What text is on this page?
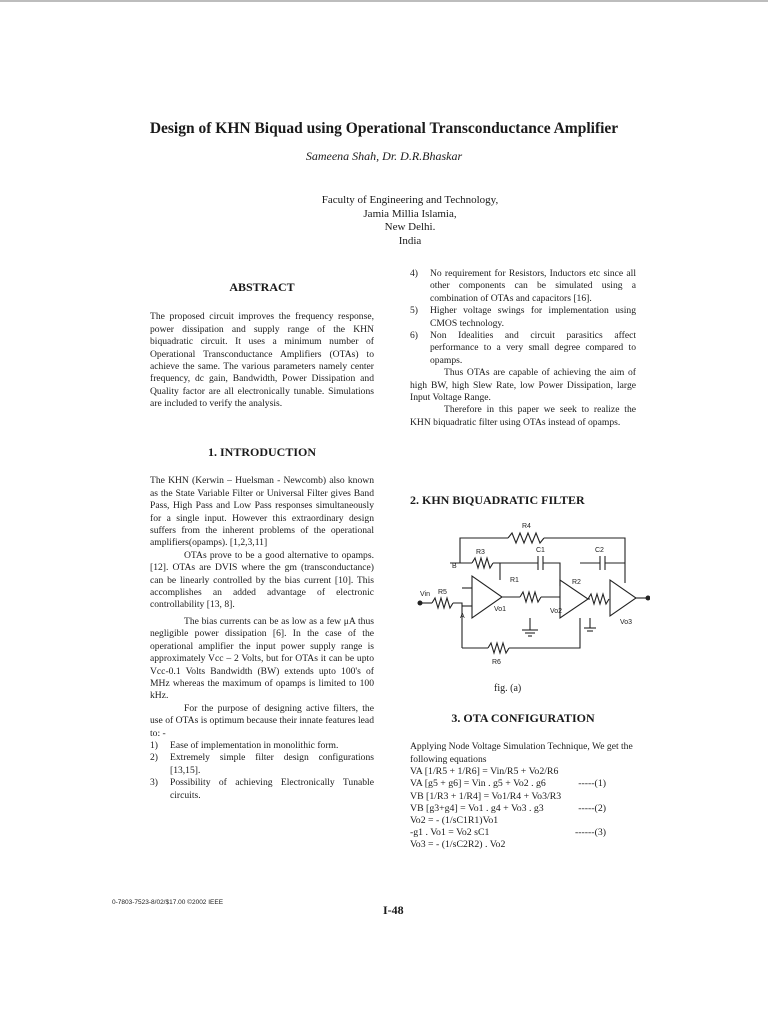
Design of KHN Biquad using Operational Transconductance Amplifier
Sameena Shah, Dr. D.R.Bhaskar
Faculty of Engineering and Technology,
Jamia Millia Islamia,
New Delhi.
India
ABSTRACT

The proposed circuit improves the frequency response, power dissipation and supply range of the KHN biquadratic circuit. It uses a minimum number of Operational Transconductance Amplifiers (OTAs) to achieve the same. The various parameters namely center frequency, dc gain, Bandwidth, Power Dissipation and Quality factor are all electronically tunable. Simulations are included to verify the analysis.

1. INTRODUCTION

The KHN (Kerwin – Huelsman - Newcomb) also known as the State Variable Filter or Universal Filter gives Band Pass, High Pass and Low Pass responses simultaneously for a single input. However this extraordinary design suffers from the inherent problems of the operational amplifiers(opamps). [1,2,3,11]

OTAs prove to be a good alternative to opamps. [12]. OTAs are DVIS where the gm (transconductance) can be linearly controlled by the bias current [10]. This accomplishes an added advantage of electronic controllability [13, 8].

The bias currents can be as low as a few μA thus negligible power dissipation [6]. In the case of the operational amplifier the input power supply range is approximately Vcc – 2 Volts, but for OTAs it can be upto Vcc-0.1 Volts Bandwidth (BW) extends upto 100's of MHz whereas the maximum of opamps is limited to 100 kHz.

For the purpose of designing active filters, the use of OTAs is optimum because their innate features lead to: -

1) Ease of implementation in monolithic form.
2) Extremely simple filter design configurations [13,15].
3) Possibility of achieving Electronically Tunable circuits.
4) No requirement for Resistors, Inductors etc since all other components can be simulated using a combination of OTAs and capacitors [16].
5) Higher voltage swings for implementation using CMOS technology.
6) Non Idealities and circuit parasitics affect performance to a very small degree compared to opamps.

Thus OTAs are capable of achieving the aim of high BW, high Slew Rate, low Power Dissipation, large Input Voltage Range.

Therefore in this paper we seek to realize the KHN biquadratic filter using OTAs instead of opamps.

2. KHN BIQUADRATIC FILTER
R4
R3	C1	C2
B
R1	R2
Vin R5
Vo1	Vo2
Vo3
A
R6
fig. (a)
3. OTA CONFIGURATION

Applying Node Voltage Simulation Technique, We get the following equations

VA [1/R5 + 1/R6] = Vin/R5 + Vo2/R6
VA [g5 + g6] = Vin . g5 + Vo2 . g6	-----(1)
VB [1/R3 + 1/R4] = Vo1/R4 + Vo3/R3
VB [g3+g4] = Vo1 . g4 + Vo3 . g3	-----(2)
Vo2 = - (1/sC1R1)Vo1
-g1 . Vo1 = Vo2 sC1	------(3)
Vo3 = - (1/sC2R2) . Vo2
0-7803-7523-8/02/$17.00 ©2002 IEEE
I-48
